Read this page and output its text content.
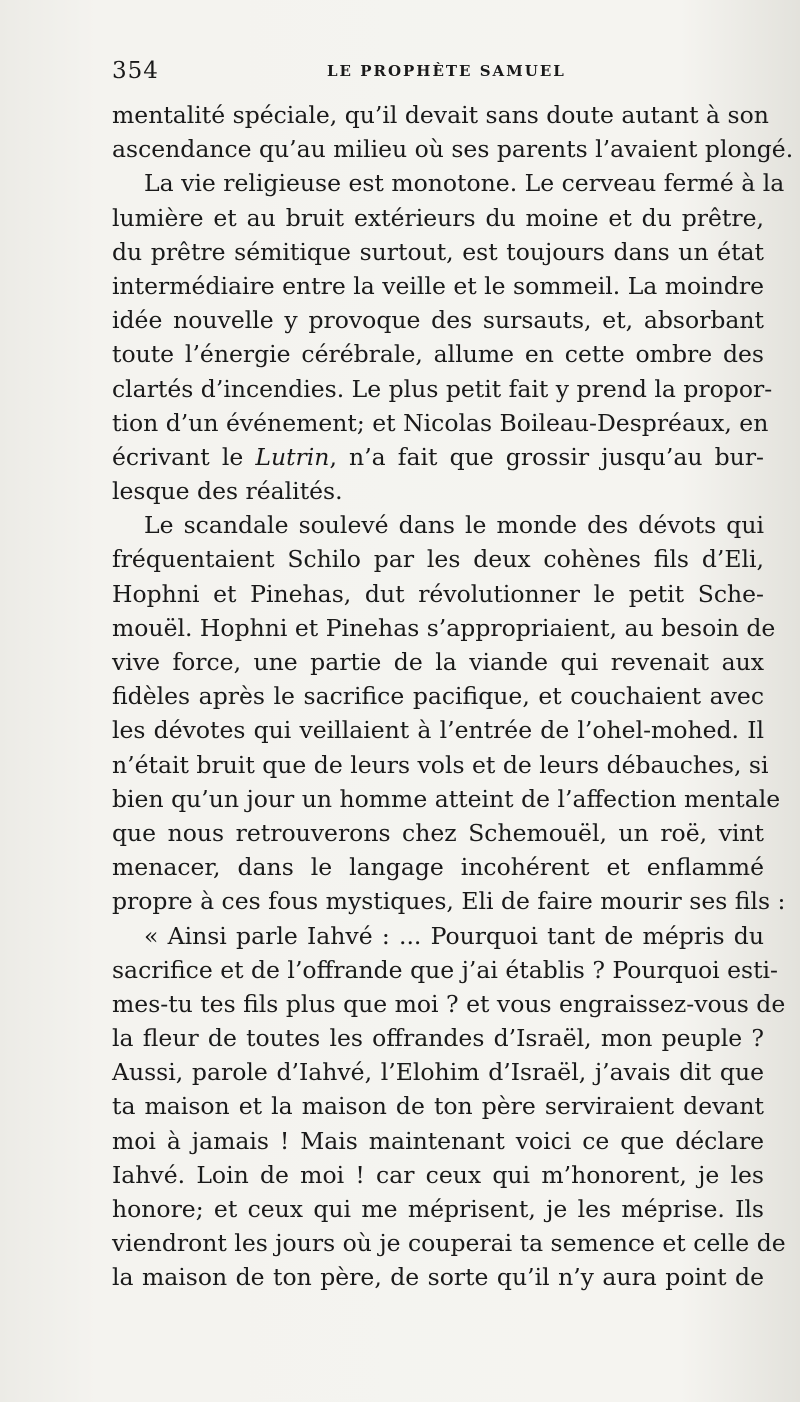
354	LE PROPHÈTE SAMUEL
mentalité spéciale, qu’il devait sans doute autant à son
ascendance qu’au milieu où ses parents l’avaient plongé.
La vie religieuse est monotone. Le cerveau fermé à la
lumière et au bruit extérieurs du moine et du prêtre,
du prêtre sémitique surtout, est toujours dans un état
intermédiaire entre la veille et le sommeil. La moindre
idée nouvelle y provoque des sursauts, et, absorbant
toute l’énergie cérébrale, allume en cette ombre des
clartés d’incendies. Le plus petit fait y prend la propor-
tion d’un événement; et Nicolas Boileau-Despréaux, en
écrivant le Lutrin, n’a fait que grossir jusqu’au bur-
lesque des réalités.
Le scandale soulevé dans le monde des dévots qui
fréquentaient Schilo par les deux cohènes fils d’Eli,
Hophni et Pinehas, dut révolutionner le petit Sche-
mouël. Hophni et Pinehas s’appropriaient, au besoin de
vive force, une partie de la viande qui revenait aux
fidèles après le sacrifice pacifique, et couchaient avec
les dévotes qui veillaient à l’entrée de l’ohel-mohed. Il
n’était bruit que de leurs vols et de leurs débauches, si
bien qu’un jour un homme atteint de l’affection mentale
que nous retrouverons chez Schemouël, un roë, vint
menacer, dans le langage incohérent et enflammé
propre à ces fous mystiques, Eli de faire mourir ses fils :
« Ainsi parle Iahvé : ... Pourquoi tant de mépris du
sacrifice et de l’offrande que j’ai établis ? Pourquoi esti-
mes-tu tes fils plus que moi ? et vous engraissez-vous de
la fleur de toutes les offrandes d’Israël, mon peuple ?
Aussi, parole d’Iahvé, l’Elohim d’Israël, j’avais dit que
ta maison et la maison de ton père serviraient devant
moi à jamais ! Mais maintenant voici ce que déclare
Iahvé. Loin de moi ! car ceux qui m’honorent, je les
honore; et ceux qui me méprisent, je les méprise. Ils
viendront les jours où je couperai ta semence et celle de
la maison de ton père, de sorte qu’il n’y aura point de
